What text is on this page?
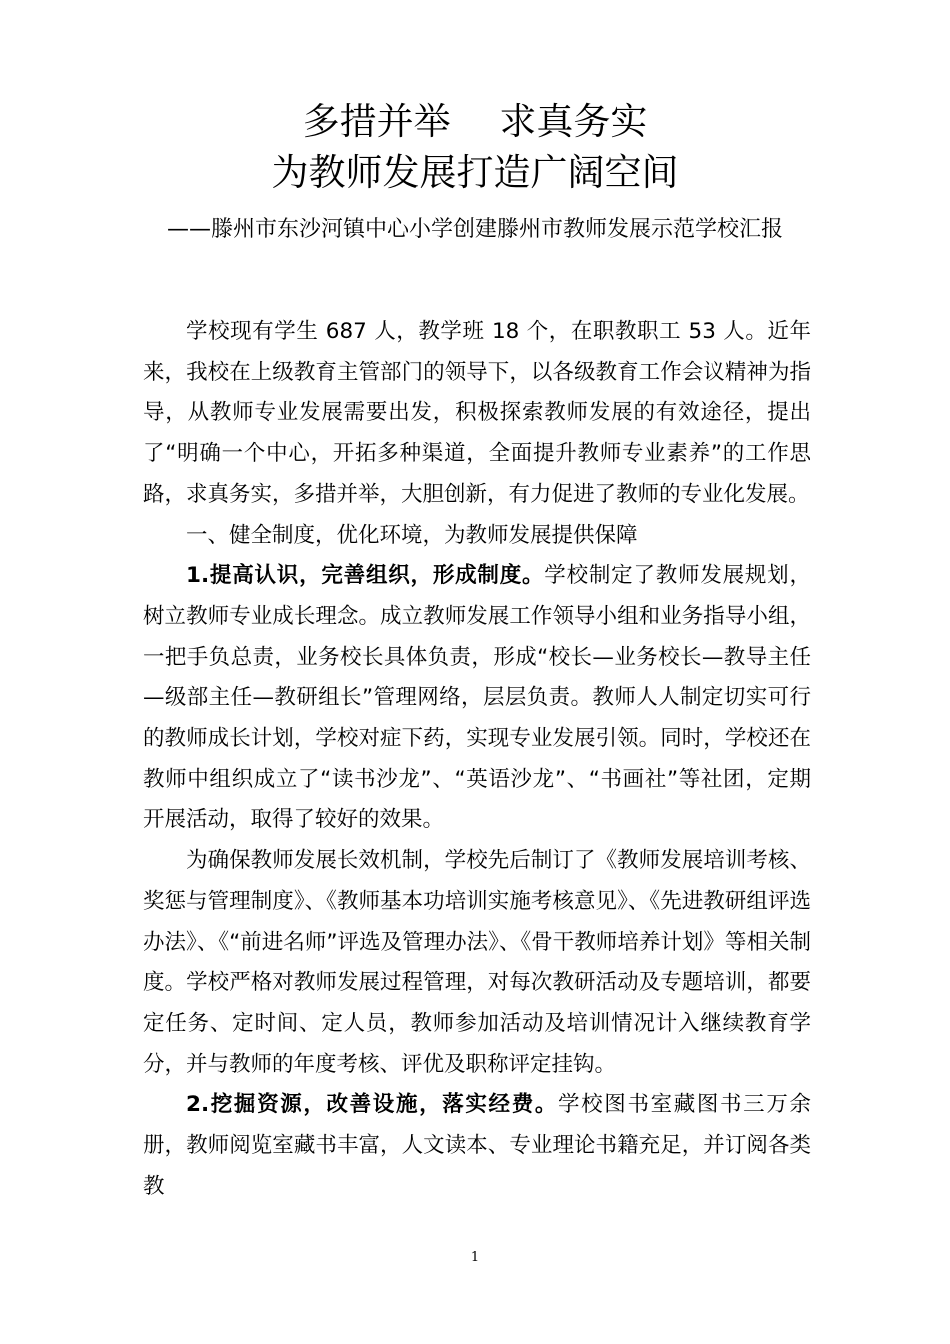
多措并举　 求真务实
为教师发展打造广阔空间
——滕州市东沙河镇中心小学创建滕州市教师发展示范学校汇报

学校现有学生 687 人，教学班 18 个，在职教职工 53 人。近年来，我校在上级教育主管部门的领导下，以各级教育工作会议精神为指导，从教师专业发展需要出发，积极探索教师发展的有效途径，提出了“明确一个中心，开拓多种渠道，全面提升教师专业素养”的工作思路，求真务实，多措并举，大胆创新，有力促进了教师的专业化发展。

一、健全制度，优化环境，为教师发展提供保障

1.提高认识，完善组织，形成制度。学校制定了教师发展规划，树立教师专业成长理念。成立教师发展工作领导小组和业务指导小组，一把手负总责，业务校长具体负责，形成“校长—业务校长—教导主任—级部主任—教研组长”管理网络，层层负责。教师人人制定切实可行的教师成长计划，学校对症下药，实现专业发展引领。同时，学校还在教师中组织成立了“读书沙龙”、“英语沙龙”、“书画社”等社团，定期开展活动，取得了较好的效果。

为确保教师发展长效机制，学校先后制订了《教师发展培训考核、奖惩与管理制度》、《教师基本功培训实施考核意见》、《先进教研组评选办法》、《“前进名师”评选及管理办法》、《骨干教师培养计划》等相关制度。学校严格对教师发展过程管理，对每次教研活动及专题培训，都要定任务、定时间、定人员，教师参加活动及培训情况计入继续教育学分，并与教师的年度考核、评优及职称评定挂钩。

2.挖掘资源，改善设施，落实经费。学校图书室藏图书三万余册，教师阅览室藏书丰富，人文读本、专业理论书籍充足，并订阅各类教

1
